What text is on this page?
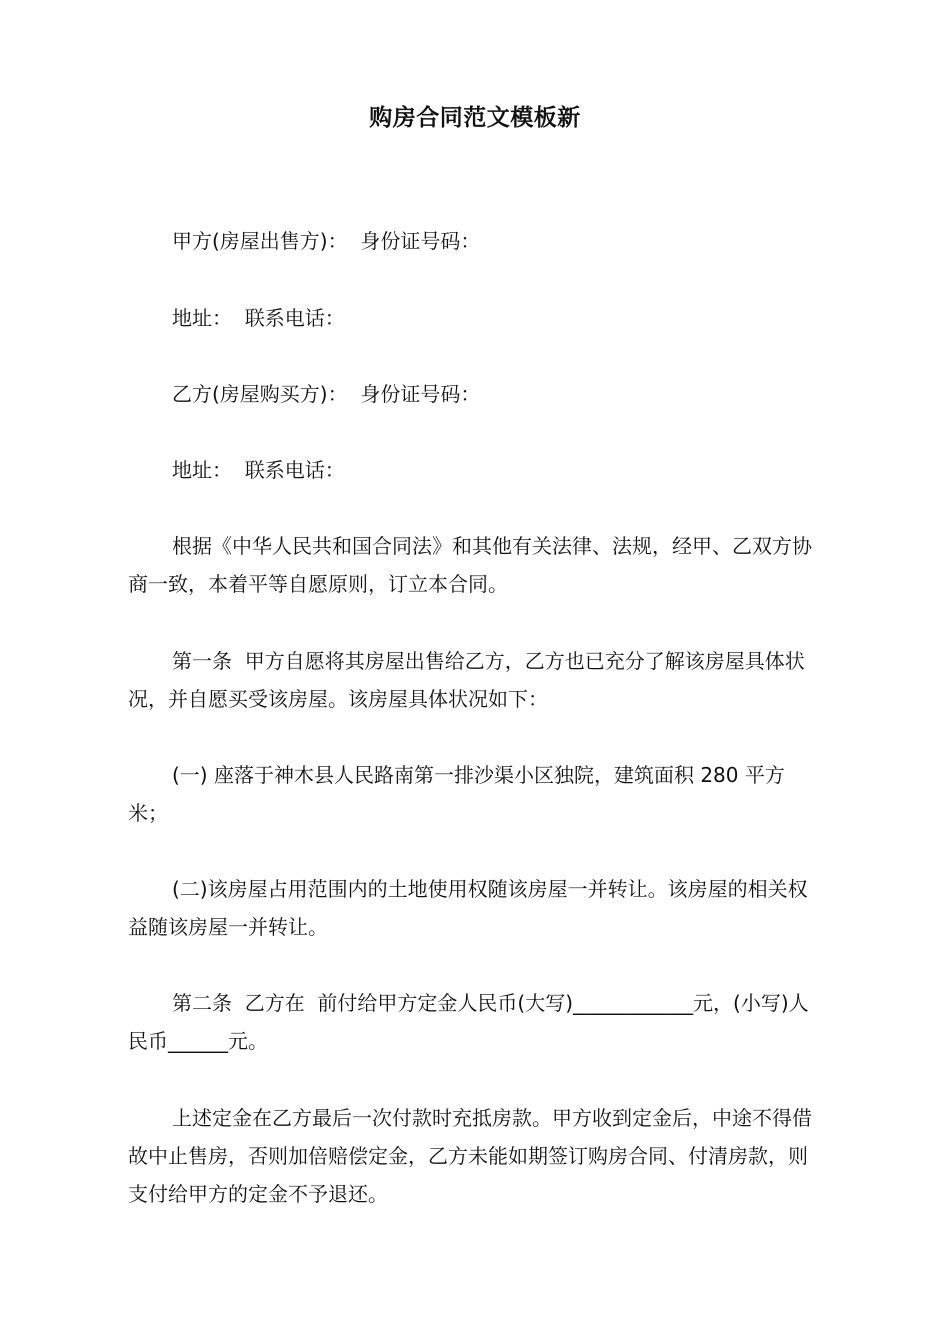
购房合同范文模板新

甲方(房屋出售方)：  身份证号码：

地址：  联系电话：

乙方(房屋购买方)：  身份证号码：

地址：  联系电话：

根据《中华人民共和国合同法》和其他有关法律、法规，经甲、乙双方协商一致，本着平等自愿原则，订立本合同。

第一条  甲方自愿将其房屋出售给乙方，乙方也已充分了解该房屋具体状况，并自愿买受该房屋。该房屋具体状况如下：

(一) 座落于神木县人民路南第一排沙渠小区独院，建筑面积 280 平方米；

(二)该房屋占用范围内的土地使用权随该房屋一并转让。该房屋的相关权益随该房屋一并转让。

第二条  乙方在  前付给甲方定金人民币(大写)____________元，(小写)人民币______元。

上述定金在乙方最后一次付款时充抵房款。甲方收到定金后，中途不得借故中止售房，否则加倍赔偿定金，乙方未能如期签订购房合同、付清房款，则支付给甲方的定金不予退还。
